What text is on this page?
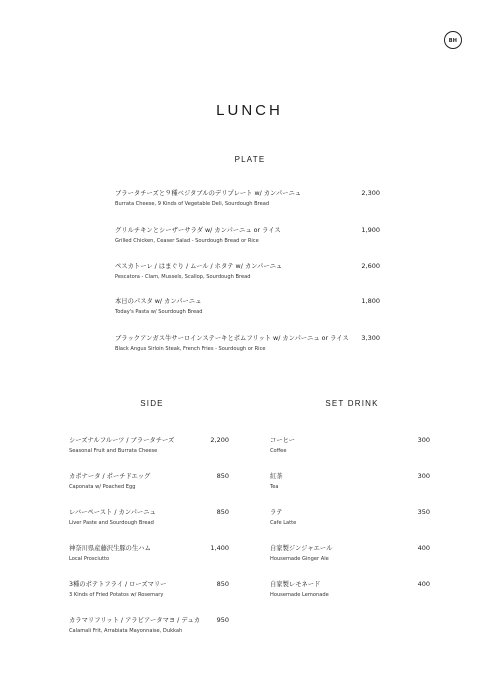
BH
LUNCH
PLATE
SIDE	SET DRINK
ブラータチーズと９種ベジタブルのデリプレート w/ カンパーニュ
Burrata Cheese, 9 Kinds of Vegetable Deli, Sourdough Bread
2,300
グリルチキンとシーザーサラダ w/ カンパーニュ or ライス
Grilled Chicken, Ceaser Salad - Sourdough Bread or Rice
1,900
ペスカトーレ / はまぐり / ムール / ホタテ w/ カンパーニュ
Pescatora - Clam, Mussels, Scallop, Sourdough Bread
2,600
本日のパスタ w/ カンパーニュ
Today's Pasta w/ Sourdough Bread
1,800
ブラックアンガス牛サーロインステーキとポムフリット w/ カンパーニュ or ライス
Black Angus Sirloin Steak, French Fries - Sourdough or Rice
3,300
シーズナルフルーツ / ブラータチーズ
Seasonal Fruit and Burrata Cheese
2,200
カポナータ / ポーチドエッグ
Caponata w/ Poached Egg
850
レバーペースト / カンパーニュ
Liver Paste and Sourdough Bread
850
神奈川県産藤沢生豚の生ハム
Local Prosciutto
1,400
3種のポテトフライ / ローズマリー
3 Kinds of Fried Potatos w/ Rosemary
850
カラマリフリット / アラビアータマヨ / デュカ
Calamali Frit, Arrabiata Mayonnaise, Dukkah
950
コーヒー
Coffee
300
紅茶
Tea
300
ラテ
Cafe Latte
350
自家製ジンジャエール
Housemade Ginger Ale
400
自家製レモネード
Housemade Lemonade
400
